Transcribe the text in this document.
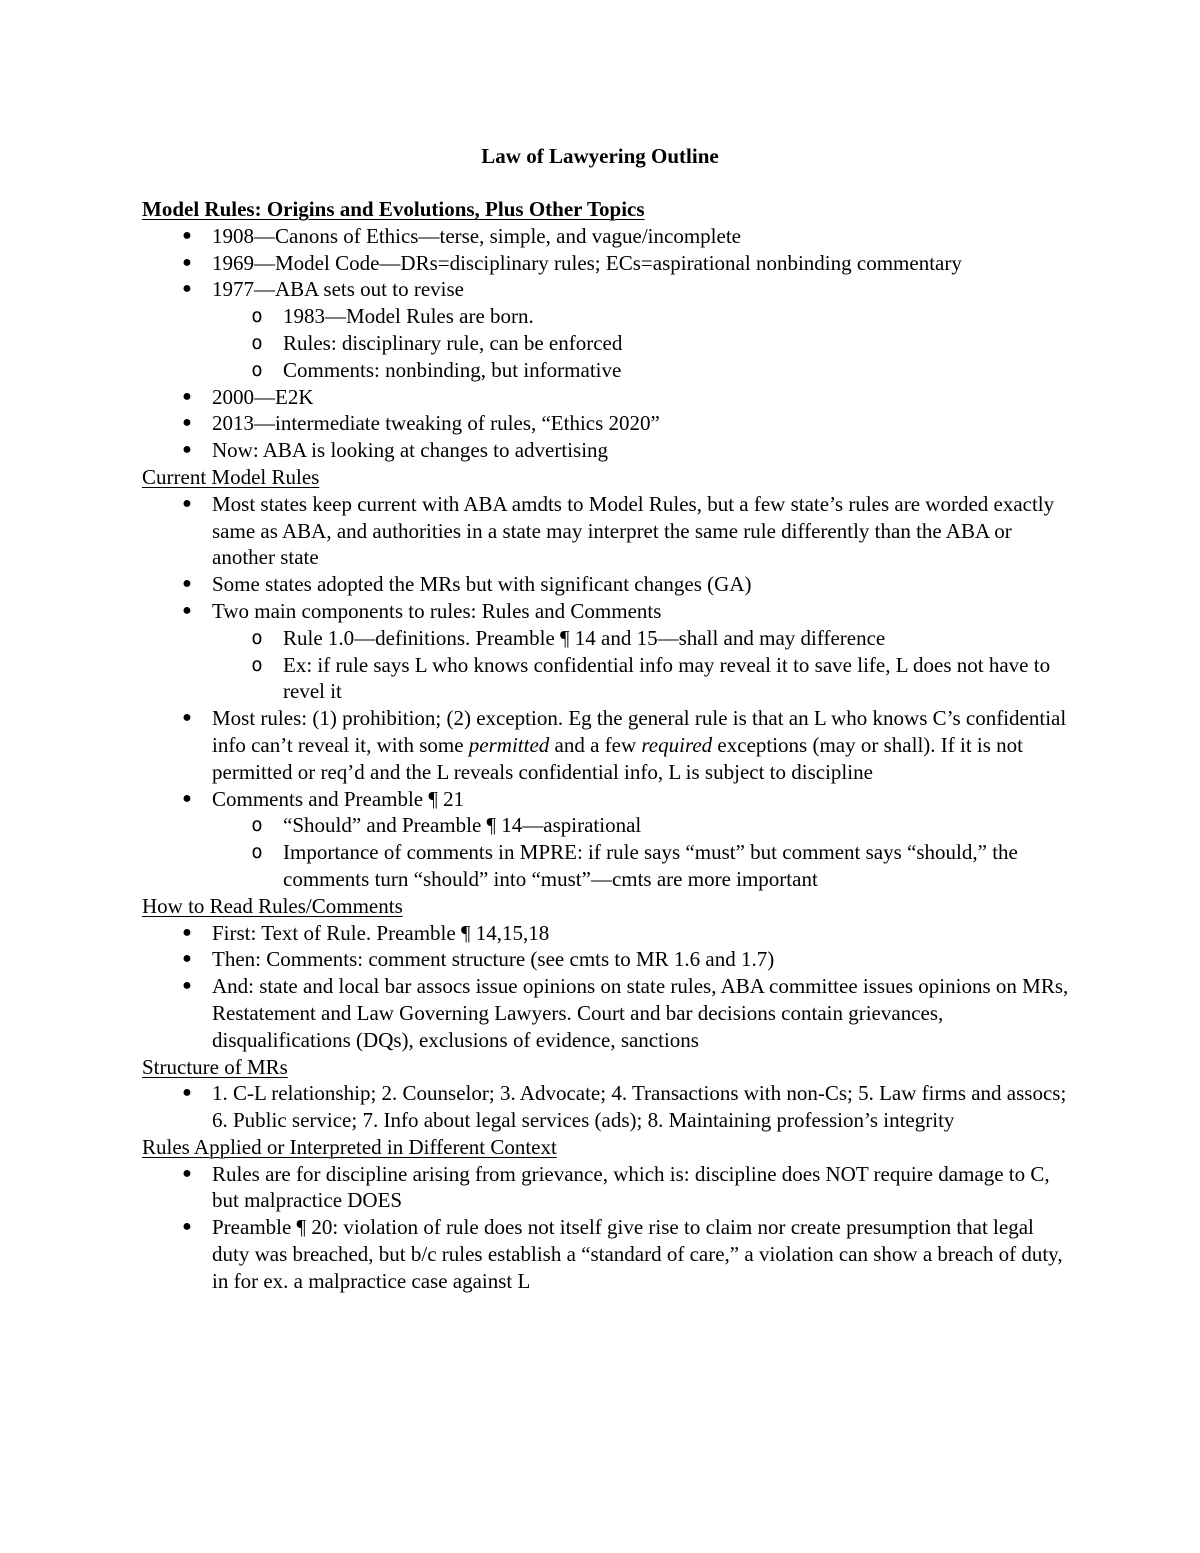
Law of Lawyering Outline

Model Rules: Origins and Evolutions, Plus Other Topics

● 1908—Canons of Ethics—terse, simple, and vague/incomplete
● 1969—Model Code—DRs=disciplinary rules; ECs=aspirational nonbinding commentary
● 1977—ABA sets out to revise
o 1983—Model Rules are born.
o Rules: disciplinary rule, can be enforced
o Comments: nonbinding, but informative
● 2000—E2K
● 2013—intermediate tweaking of rules, “Ethics 2020”
● Now: ABA is looking at changes to advertising

Current Model Rules

● Most states keep current with ABA amdts to Model Rules, but a few state’s rules are worded exactly same as ABA, and authorities in a state may interpret the same rule differently than the ABA or another state
● Some states adopted the MRs but with significant changes (GA)
● Two main components to rules: Rules and Comments
o Rule 1.0—definitions. Preamble ¶ 14 and 15—shall and may difference
o Ex: if rule says L who knows confidential info may reveal it to save life, L does not have to revel it
● Most rules: (1) prohibition; (2) exception. Eg the general rule is that an L who knows C’s confidential info can’t reveal it, with some permitted and a few required exceptions (may or shall). If it is not permitted or req’d and the L reveals confidential info, L is subject to discipline
● Comments and Preamble ¶ 21
o “Should” and Preamble ¶ 14—aspirational
o Importance of comments in MPRE: if rule says “must” but comment says “should,” the comments turn “should” into “must”—cmts are more important

How to Read Rules/Comments

● First: Text of Rule. Preamble ¶ 14,15,18
● Then: Comments: comment structure (see cmts to MR 1.6 and 1.7)
● And: state and local bar assocs issue opinions on state rules, ABA committee issues opinions on MRs, Restatement and Law Governing Lawyers. Court and bar decisions contain grievances, disqualifications (DQs), exclusions of evidence, sanctions

Structure of MRs

● 1. C-L relationship; 2. Counselor; 3. Advocate; 4. Transactions with non-Cs; 5. Law firms and assocs; 6. Public service; 7. Info about legal services (ads); 8. Maintaining profession’s integrity

Rules Applied or Interpreted in Different Context

● Rules are for discipline arising from grievance, which is: discipline does NOT require damage to C, but malpractice DOES
● Preamble ¶ 20: violation of rule does not itself give rise to claim nor create presumption that legal duty was breached, but b/c rules establish a “standard of care,” a violation can show a breach of duty, in for ex. a malpractice case against L
